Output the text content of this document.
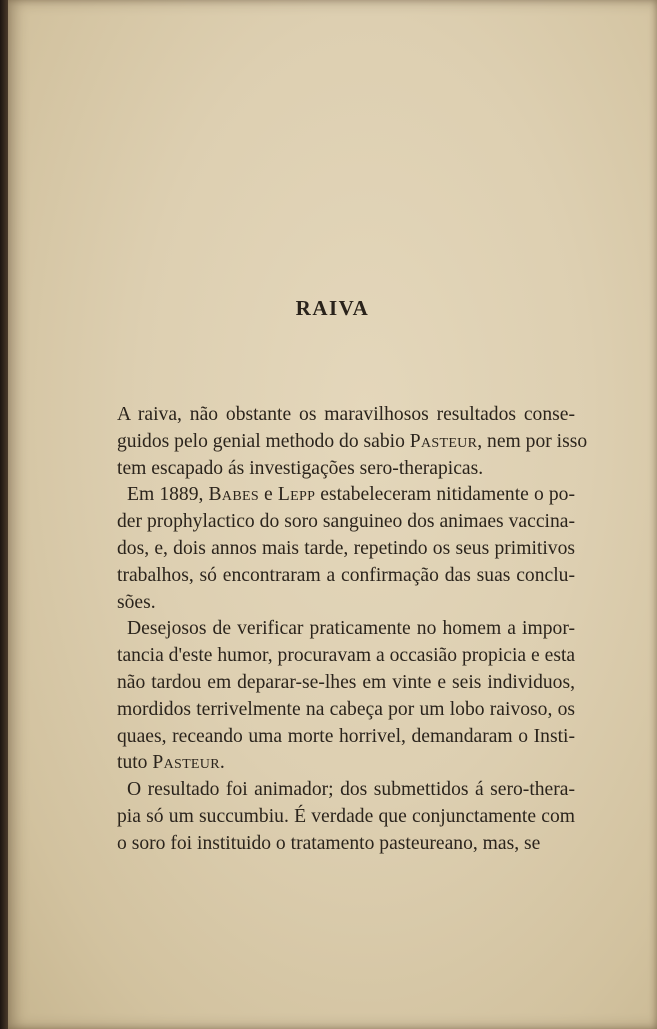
RAIVA
A raiva, não obstante os maravilhosos resultados conse-
guidos pelo genial methodo do sabio Pasteur, nem por isso
tem escapado ás investigações sero-therapicas.
Em 1889, Babes e Lepp estabeleceram nitidamente o po-
der prophylactico do soro sanguineo dos animaes vaccina-
dos, e, dois annos mais tarde, repetindo os seus primitivos
trabalhos, só encontraram a confirmação das suas conclu-
sões.
Desejosos de verificar praticamente no homem a impor-
tancia d'este humor, procuravam a occasião propicia e esta
não tardou em deparar-se-lhes em vinte e seis individuos,
mordidos terrivelmente na cabeça por um lobo raivoso, os
quaes, receando uma morte horrivel, demandaram o Insti-
tuto Pasteur.
O resultado foi animador; dos submettidos á sero-thera-
pia só um succumbiu. É verdade que conjunctamente com
o soro foi instituido o tratamento pasteureano, mas, se
